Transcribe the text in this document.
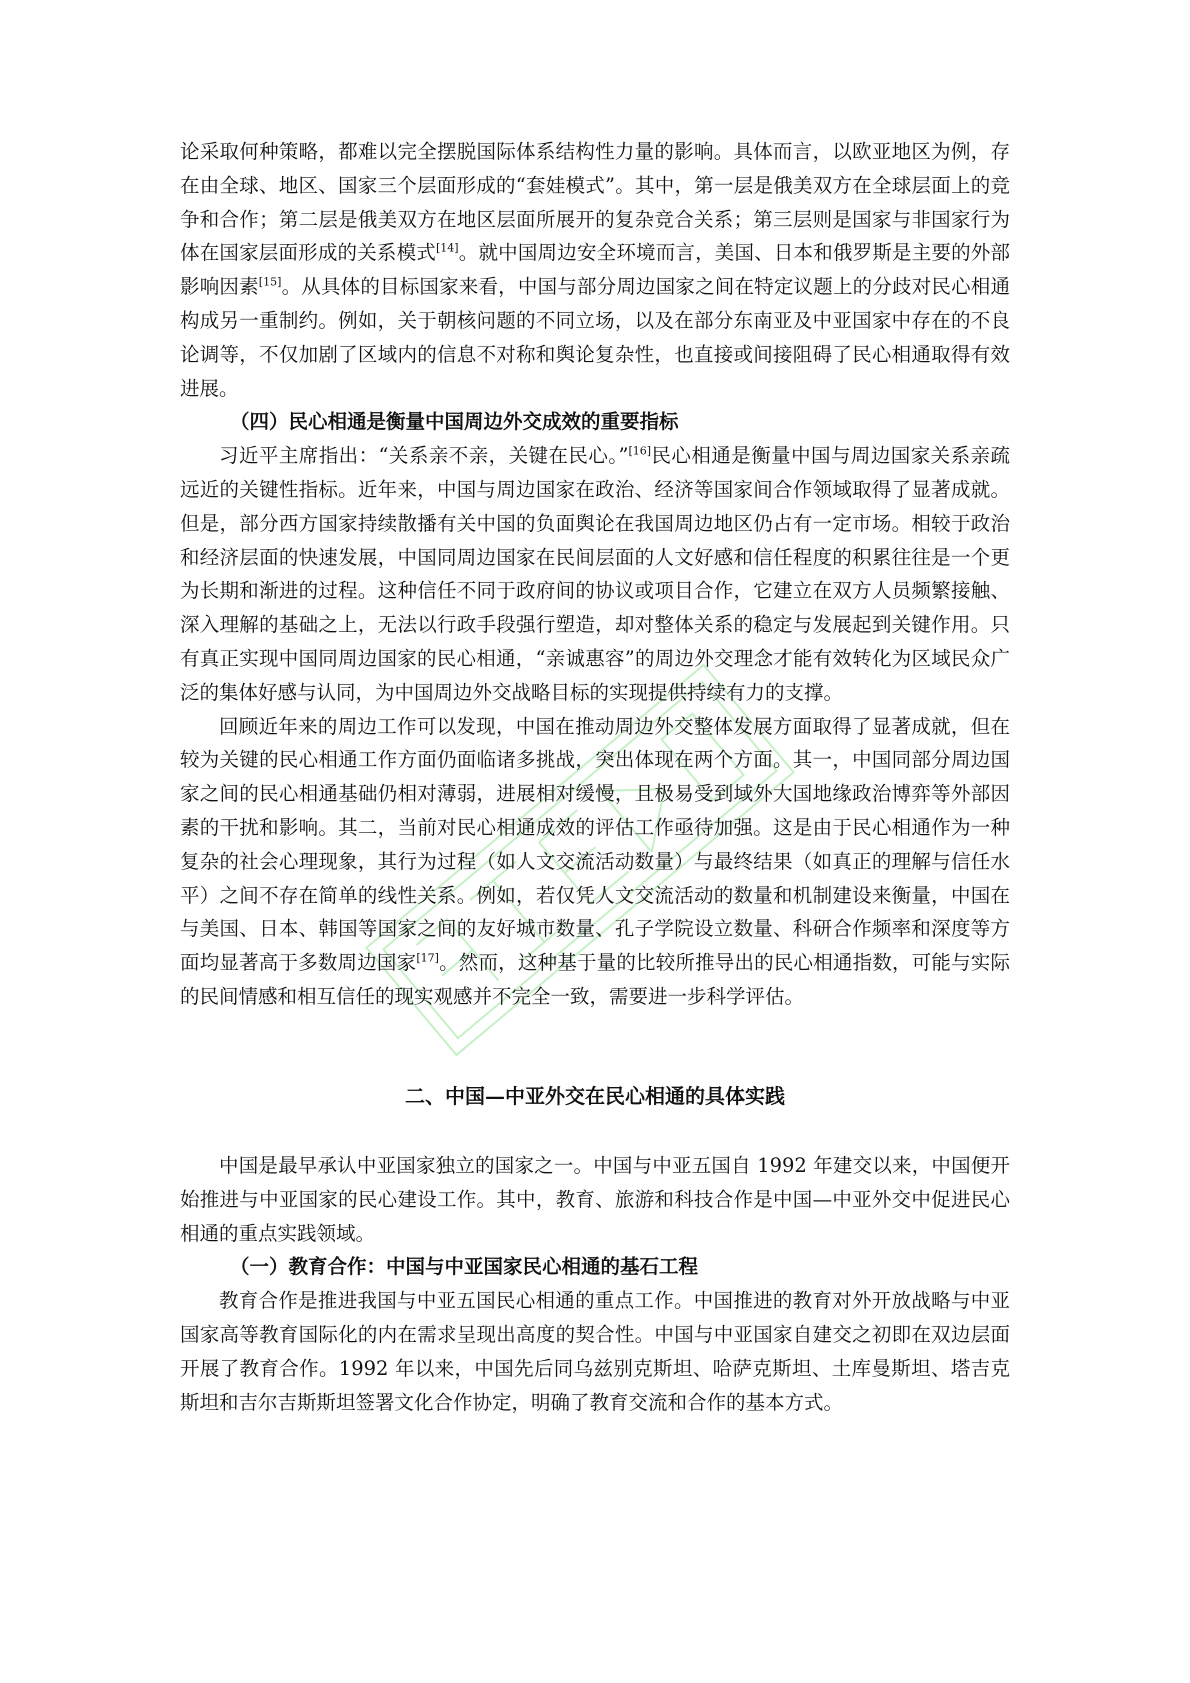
论采取何种策略，都难以完全摆脱国际体系结构性力量的影响。具体而言，以欧亚地区为例，存在由全球、地区、国家三个层面形成的“套娃模式”。其中，第一层是俄美双方在全球层面上的竞争和合作；第二层是俄美双方在地区层面所展开的复杂竞合关系；第三层则是国家与非国家行为体在国家层面形成的关系模式[14]。就中国周边安全环境而言，美国、日本和俄罗斯是主要的外部影响因素[15]。从具体的目标国家来看，中国与部分周边国家之间在特定议题上的分歧对民心相通构成另一重制约。例如，关于朝核问题的不同立场，以及在部分东南亚及中亚国家中存在的不良论调等，不仅加剧了区域内的信息不对称和舆论复杂性，也直接或间接阻碍了民心相通取得有效进展。

（四）民心相通是衡量中国周边外交成效的重要指标

习近平主席指出：“关系亲不亲，关键在民心。”[16]民心相通是衡量中国与周边国家关系亲疏远近的关键性指标。近年来，中国与周边国家在政治、经济等国家间合作领域取得了显著成就。但是，部分西方国家持续散播有关中国的负面舆论在我国周边地区仍占有一定市场。相较于政治和经济层面的快速发展，中国同周边国家在民间层面的人文好感和信任程度的积累往往是一个更为长期和渐进的过程。这种信任不同于政府间的协议或项目合作，它建立在双方人员频繁接触、深入理解的基础之上，无法以行政手段强行塑造，却对整体关系的稳定与发展起到关键作用。只有真正实现中国同周边国家的民心相通，“亲诚惠容”的周边外交理念才能有效转化为区域民众广泛的集体好感与认同，为中国周边外交战略目标的实现提供持续有力的支撑。

回顾近年来的周边工作可以发现，中国在推动周边外交整体发展方面取得了显著成就，但在较为关键的民心相通工作方面仍面临诸多挑战，突出体现在两个方面。其一，中国同部分周边国家之间的民心相通基础仍相对薄弱，进展相对缓慢，且极易受到域外大国地缘政治博弈等外部因素的干扰和影响。其二，当前对民心相通成效的评估工作亟待加强。这是由于民心相通作为一种复杂的社会心理现象，其行为过程（如人文交流活动数量）与最终结果（如真正的理解与信任水平）之间不存在简单的线性关系。例如，若仅凭人文交流活动的数量和机制建设来衡量，中国在与美国、日本、韩国等国家之间的友好城市数量、孔子学院设立数量、科研合作频率和深度等方面均显著高于多数周边国家[17]。然而，这种基于量的比较所推导出的民心相通指数，可能与实际的民间情感和相互信任的现实观感并不完全一致，需要进一步科学评估。

二、中国—中亚外交在民心相通的具体实践

中国是最早承认中亚国家独立的国家之一。中国与中亚五国自 1992 年建交以来，中国便开始推进与中亚国家的民心建设工作。其中，教育、旅游和科技合作是中国—中亚外交中促进民心相通的重点实践领域。

（一）教育合作：中国与中亚国家民心相通的基石工程

教育合作是推进我国与中亚五国民心相通的重点工作。中国推进的教育对外开放战略与中亚国家高等教育国际化的内在需求呈现出高度的契合性。中国与中亚国家自建交之初即在双边层面开展了教育合作。1992 年以来，中国先后同乌兹别克斯坦、哈萨克斯坦、土库曼斯坦、塔吉克斯坦和吉尔吉斯斯坦签署文化合作协定，明确了教育交流和合作的基本方式。
